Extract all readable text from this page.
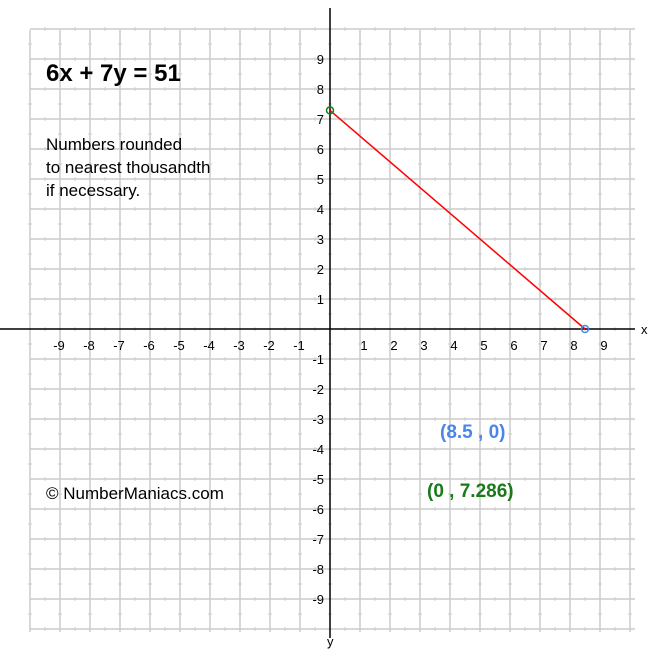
x
y
-9 -8 -7 -6 -5 -4 -3 -2 -1	1 2 3 4 5 6 7 8 9
-9
-8
-7
-6
-5
-4
-3
-2
-1
1
2
3
4
5
6
7
8
9
6x + 7y = 51
Numbers rounded
to nearest thousandth
if necessary.
© NumberManiacs.com
(8.5 , 0)
(0 , 7.286)
